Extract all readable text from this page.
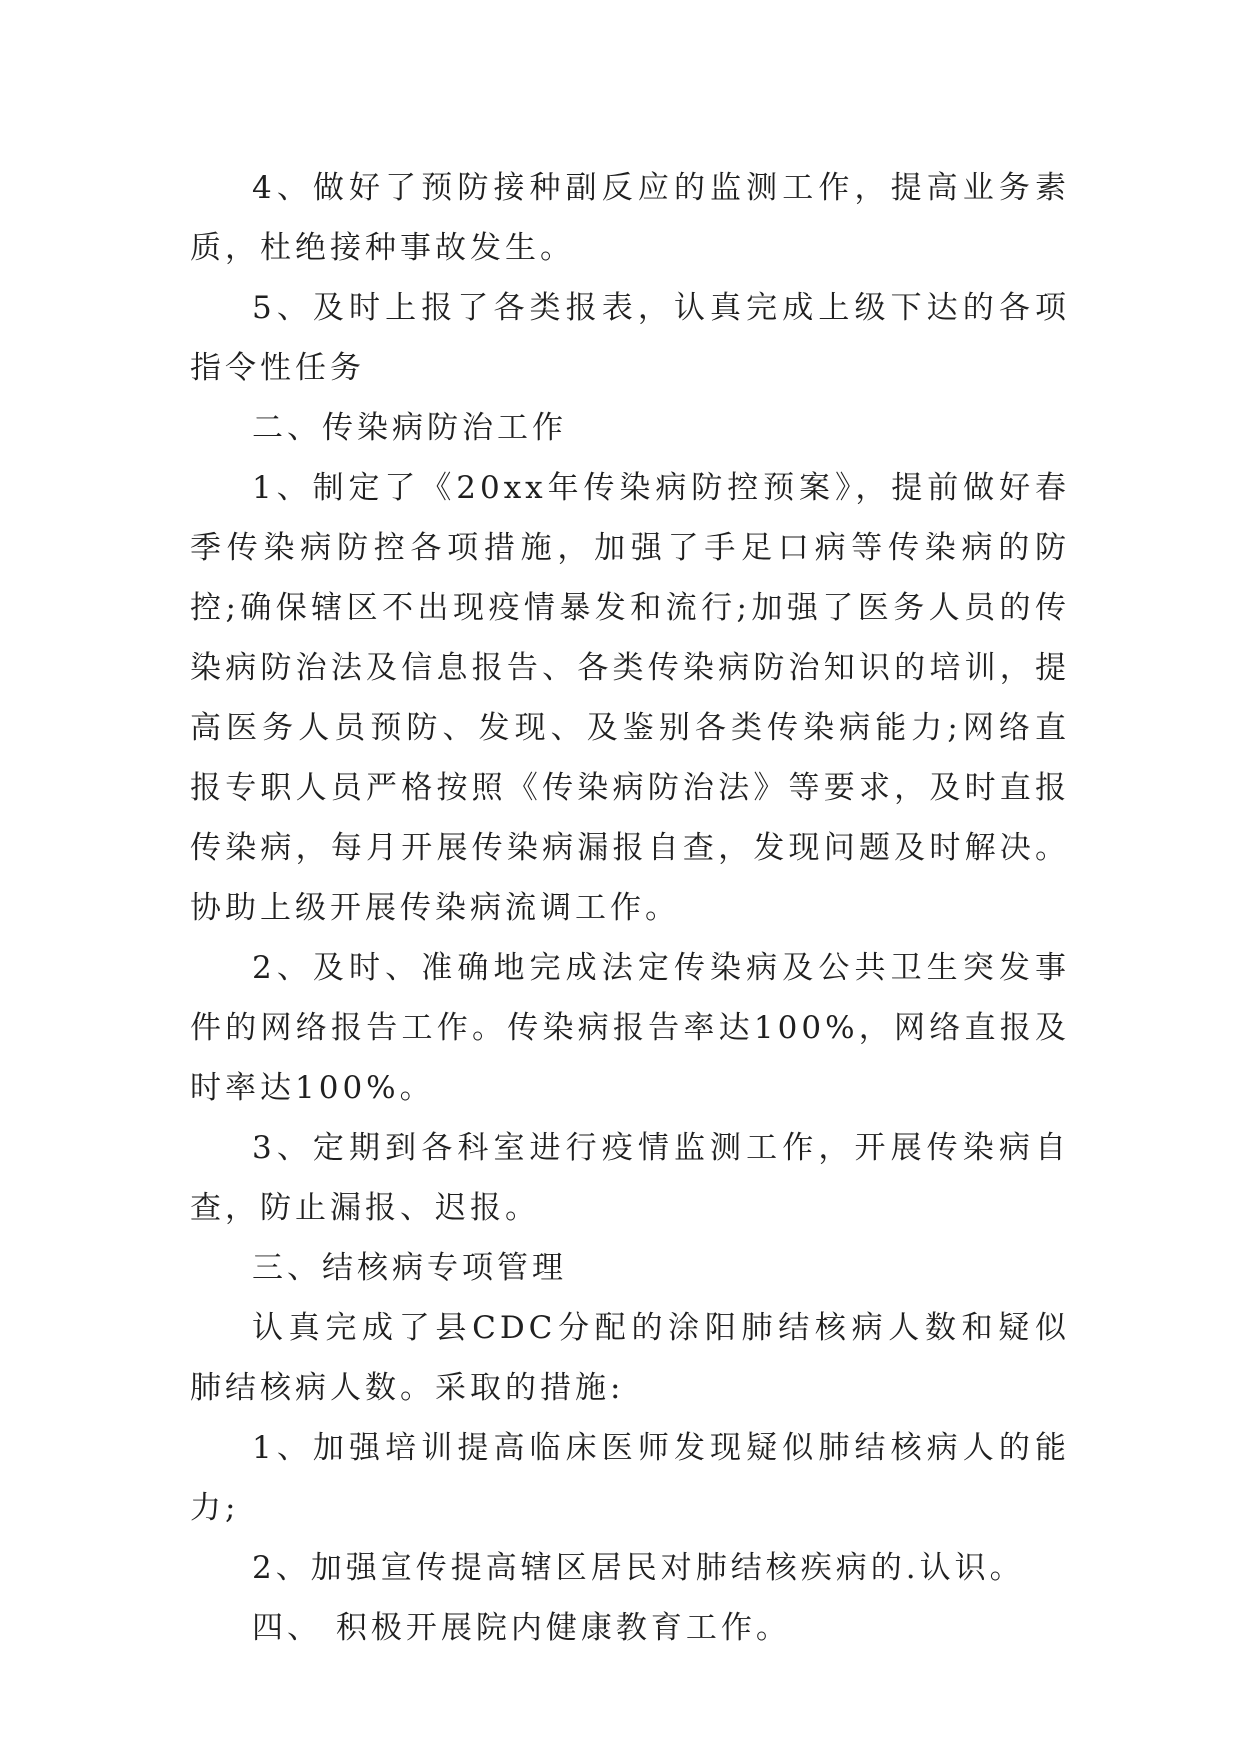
4、做好了预防接种副反应的监测工作，提高业务素质，杜绝接种事故发生。

5、及时上报了各类报表，认真完成上级下达的各项指令性任务

二、传染病防治工作

1、制定了《20xx年传染病防控预案》，提前做好春季传染病防控各项措施，加强了手足口病等传染病的防控;确保辖区不出现疫情暴发和流行;加强了医务人员的传染病防治法及信息报告、各类传染病防治知识的培训，提高医务人员预防、发现、及鉴别各类传染病能力;网络直报专职人员严格按照《传染病防治法》等要求，及时直报传染病，每月开展传染病漏报自查，发现问题及时解决。协助上级开展传染病流调工作。

2、及时、准确地完成法定传染病及公共卫生突发事件的网络报告工作。传染病报告率达100%，网络直报及时率达100%。

3、定期到各科室进行疫情监测工作，开展传染病自查，防止漏报、迟报。

三、结核病专项管理

认真完成了县CDC分配的涂阳肺结核病人数和疑似肺结核病人数。采取的措施:

1、加强培训提高临床医师发现疑似肺结核病人的能力;

2、加强宣传提高辖区居民对肺结核疾病的.认识。

四、 积极开展院内健康教育工作。
